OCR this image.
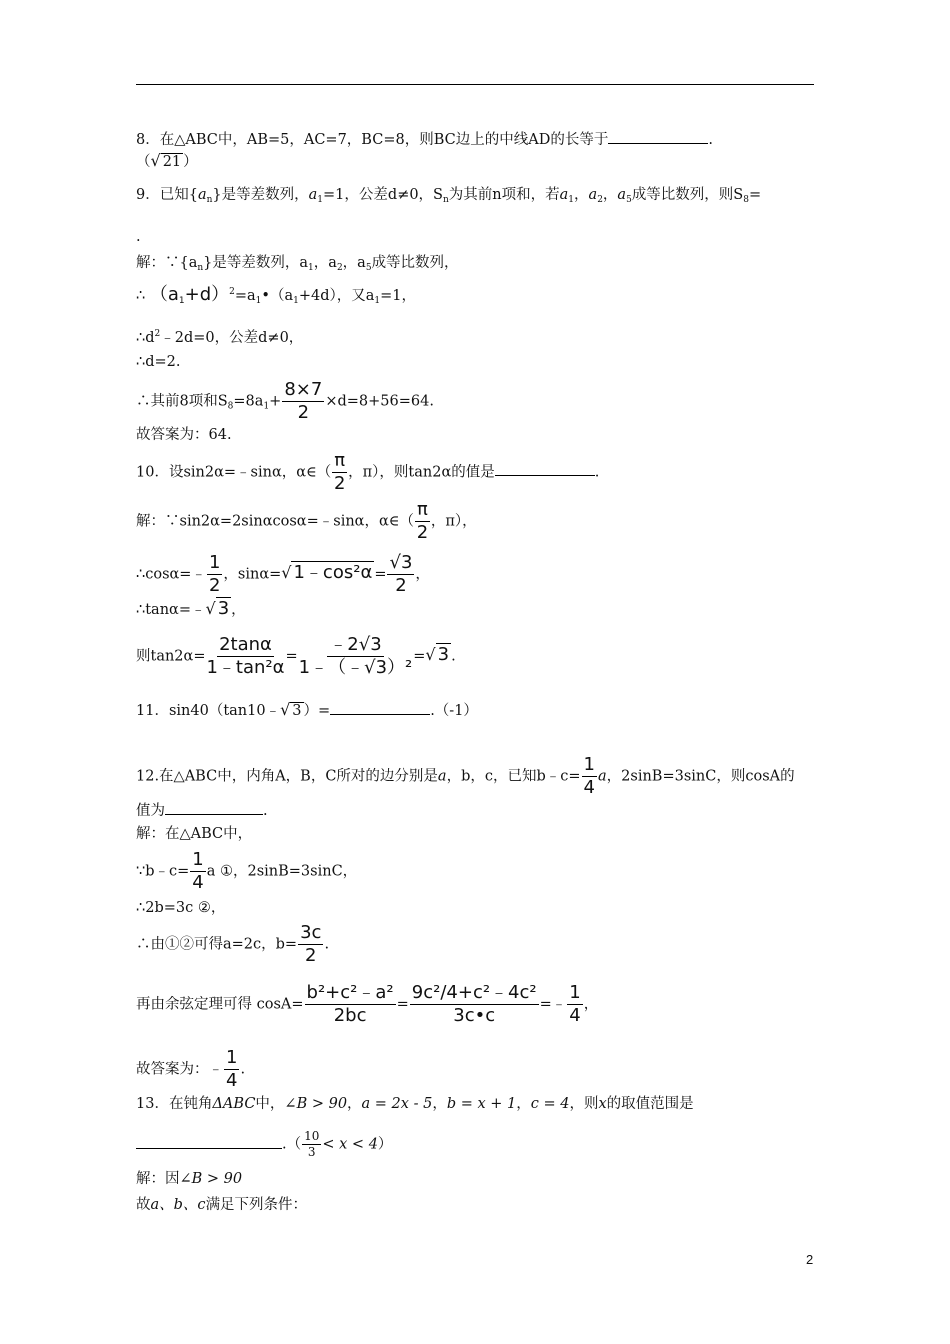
8．在△ABC中，AB=5，AC=7，BC=8，则BC边上的中线AD的长等于	.
（√ 21 ）
9．已知$\{a_n\}$是等差数列，$a_1=1$，公差d≠0，$S_n$为其前n项和，若$a_1$，$a_2$，$a_5$成等比数列，则$S_8=$
.
解：$\because\{a_n\}$是等差数列，$a_1$，$a_2$，$a_5$成等比数列，
∴ $(a_1+d)^2=a_1•(a_1+4d)$，又$a_1=1$，
$\therefore d^2﹣2d=0$，公差d≠0，
∴d=2.
∴其前8项和$S_8=8a_1+ \frac{8\times 7}{2} \times d=8+56=64$.
故答案为：64.
10．设sin2α=﹣sinα，α∈（ $\frac{\pi}{2}$ ，π），则tan2α的值是	.
解：∵sin2α=2sinαcosα=﹣sinα，α∈（ $\frac{\pi}{2}$ ，π），
∴cosα=﹣ $\frac{1}{2}$ ，sinα=√ 1﹣cos²α = $\frac{√3}{2}$ ，
∴tanα=﹣√ 3 ，
则$\tan 2\alpha= \frac{2\tan\alpha}{\text{1﹣tan²α}} = \frac{﹣2√3}{\text{1﹣（﹣√3）²}}$ =√ 3 .
11．sin40（tan10﹣√ 3 ）=	.（-1）
12.在△ABC中，内角A，B，C所对的边分别是a，b，c，已知b﹣c= $\frac{1}{4}$ a，2sinB=3sinC，则cosA的
值为	.
解：在△ABC中，
∵b﹣c= $\frac{1}{4}$ a ①，2sinB=3sinC，
∴2b=3c ②，
∴由①②可得a=2c，$b= \frac{3c}{2}$ .
再由余弦定理可得 $\cos A= \frac{\text{b²+c²﹣a²}}{2bc} = \frac{\text{9c²/4+c²﹣4c²}}{3c•c}$ =﹣ $\frac{1}{4}$ ，
故答案为：﹣ $\frac{1}{4}$ .
13．在钝角ΔABC中，∠B > 90，a = 2x - 5，b = x + 1，c = 4，则x的取值范围是
.（ $\frac{10}{3} < x < 4$）
解：因∠B > 90
故a、b、c满足下列条件：
2
